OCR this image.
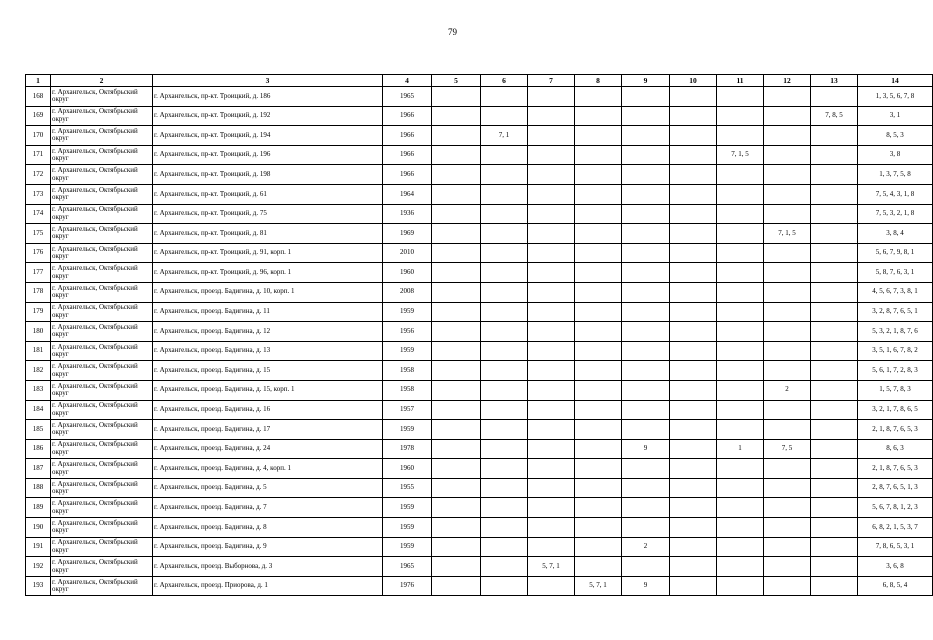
79
1	2	3	4	5	6	7	8	9	10	11	12	13	14
168	г. Архангельск, Октябрьский округ	г. Архангельск, пр-кт. Троицкий, д. 186	1965										1, 3, 5, 6, 7, 8
169	г. Архангельск, Октябрьский округ	г. Архангельск, пр-кт. Троицкий, д. 192	1966									7, 8, 5	3, 1
170	г. Архангельск, Октябрьский округ	г. Архангельск, пр-кт. Троицкий, д. 194	1966		7, 1								8, 5, 3
171	г. Архангельск, Октябрьский округ	г. Архангельск, пр-кт. Троицкий, д. 196	1966							7, 1, 5			3, 8
172	г. Архангельск, Октябрьский округ	г. Архангельск, пр-кт. Троицкий, д. 198	1966										1, 3, 7, 5, 8
173	г. Архангельск, Октябрьский округ	г. Архангельск, пр-кт. Троицкий, д. 61	1964										7, 5, 4, 3, 1, 8
174	г. Архангельск, Октябрьский округ	г. Архангельск, пр-кт. Троицкий, д. 75	1936										7, 5, 3, 2, 1, 8
175	г. Архангельск, Октябрьский округ	г. Архангельск, пр-кт. Троицкий, д. 81	1969								7, 1, 5		3, 8, 4
176	г. Архангельск, Октябрьский округ	г. Архангельск, пр-кт. Троицкий, д. 91, корп. 1	2010										5, 6, 7, 9, 8, 1
177	г. Архангельск, Октябрьский округ	г. Архангельск, пр-кт. Троицкий, д. 96, корп. 1	1960										5, 8, 7, 6, 3, 1
178	г. Архангельск, Октябрьский округ	г. Архангельск, проезд. Бадигина, д. 10, корп. 1	2008										4, 5, 6, 7, 3, 8, 1
179	г. Архангельск, Октябрьский округ	г. Архангельск, проезд. Бадигина, д. 11	1959										3, 2, 8, 7, 6, 5, 1
180	г. Архангельск, Октябрьский округ	г. Архангельск, проезд. Бадигина, д. 12	1956										5, 3, 2, 1, 8, 7, 6
181	г. Архангельск, Октябрьский округ	г. Архангельск, проезд. Бадигина, д. 13	1959										3, 5, 1, 6, 7, 8, 2
182	г. Архангельск, Октябрьский округ	г. Архангельск, проезд. Бадигина, д. 15	1958										5, 6, 1, 7, 2, 8, 3
183	г. Архангельск, Октябрьский округ	г. Архангельск, проезд. Бадигина, д. 15, корп. 1	1958								2		1, 5, 7, 8, 3
184	г. Архангельск, Октябрьский округ	г. Архангельск, проезд. Бадигина, д. 16	1957										3, 2, 1, 7, 8, 6, 5
185	г. Архангельск, Октябрьский округ	г. Архангельск, проезд. Бадигина, д. 17	1959										2, 1, 8, 7, 6, 5, 3
186	г. Архангельск, Октябрьский округ	г. Архангельск, проезд. Бадигина, д. 24	1978					9		1	7, 5		8, 6, 3
187	г. Архангельск, Октябрьский округ	г. Архангельск, проезд. Бадигина, д. 4, корп. 1	1960										2, 1, 8, 7, 6, 5, 3
188	г. Архангельск, Октябрьский округ	г. Архангельск, проезд. Бадигина, д. 5	1955										2, 8, 7, 6, 5, 1, 3
189	г. Архангельск, Октябрьский округ	г. Архангельск, проезд. Бадигина, д. 7	1959										5, 6, 7, 8, 1, 2, 3
190	г. Архангельск, Октябрьский округ	г. Архангельск, проезд. Бадигина, д. 8	1959										6, 8, 2, 1, 5, 3, 7
191	г. Архангельск, Октябрьский округ	г. Архангельск, проезд. Бадигина, д. 9	1959					2					7, 8, 6, 5, 3, 1
192	г. Архангельск, Октябрьский округ	г. Архангельск, проезд. Выборнова, д. 3	1965			5, 7, 1							3, 6, 8
193	г. Архангельск, Октябрьский округ	г. Архангельск, проезд. Приорова, д. 1	1976				5, 7, 1	9					6, 8, 5, 4
